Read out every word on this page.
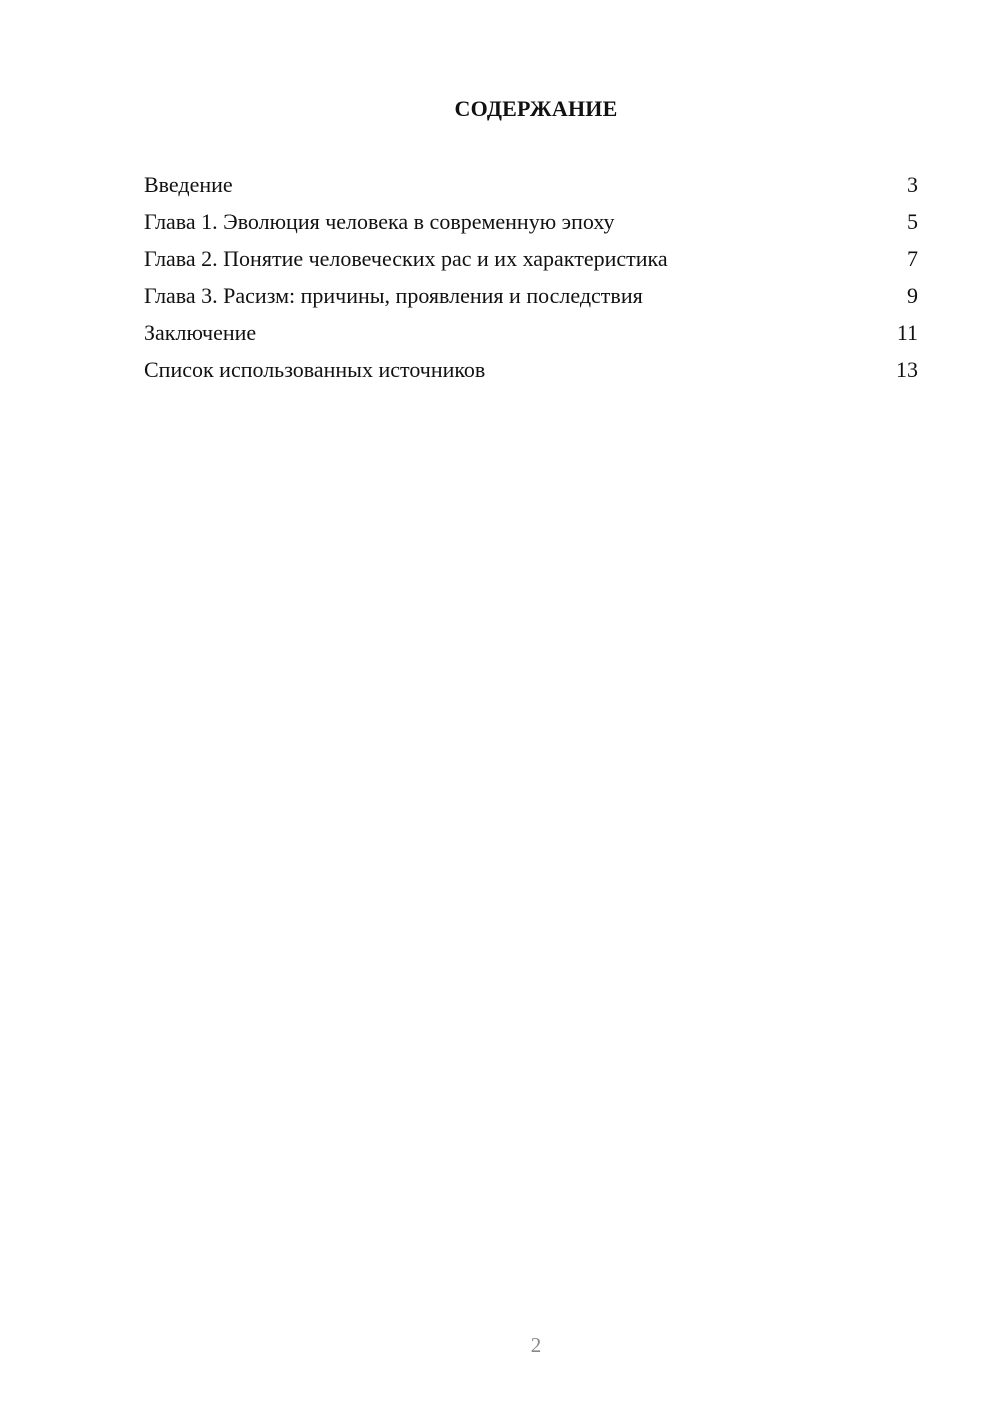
СОДЕРЖАНИЕ
Введение	3
Глава 1. Эволюция человека в современную эпоху	5
Глава 2. Понятие человеческих рас и их характеристика	7
Глава 3. Расизм: причины, проявления и последствия	9
Заключение	11
Список использованных источников	13
2
